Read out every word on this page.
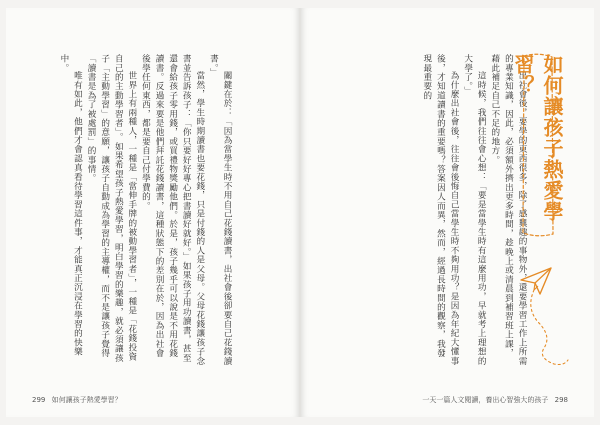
關鍵在於：「因為當學生時不用自己花錢讀書，出社會後卻要自己花錢讀書。」

當然，學生時期讀書也要花錢，只是付錢的人是父母。父母花錢讓孩子念書並告訴孩子：「你只要好好專心把書讀好就好。」如果孩子用功讀書，甚至還會給孩子零用錢，或買禮物獎勵他們。於是，孩子幾乎可以說是不用花錢讀書。反過來要是他們拜託花錢讀書，這種狀態下的差別在於，因為出社會後學任何東西，都是要自己付學費的。

世界上有兩種人，一種是「當伸手牌的被動學習者」，一種是「花錢投資自己的主動學習者」。如果希望孩子熱愛學習，明白學習的樂趣，就必須讓孩子「主動學習」的意願，讓孩子自動成為學習的主導權，而不是讓孩子覺得「讀書是為了被處罰」的事情。

唯有如此，他們才會認真看待學習這件事，才能真正沉浸在學習的快樂中。

299 如何讓孩子熱愛學習？

出社會後，要學的東西很多，除了感興趣的事物外，還要學習工作上所需的專業知識，因此，必須額外擠出更多時間，趁晚上或清晨到補習班上課，藉此補足自己不足的地方。

這時候，我們往往會心想：「要是當學生時有這麼用功，早就考上理想的大學了。」

為什麼出社會後，往往會後悔自己當學生時不夠用功？是因為年紀大懂事後，才知道讀書的重要嗎？答案因人而異，然而，經過長時間的觀察，我發現最重要的	如何讓孩子熱愛學習？
一天一篇人文閱讀，養出心智強大的孩子 298
